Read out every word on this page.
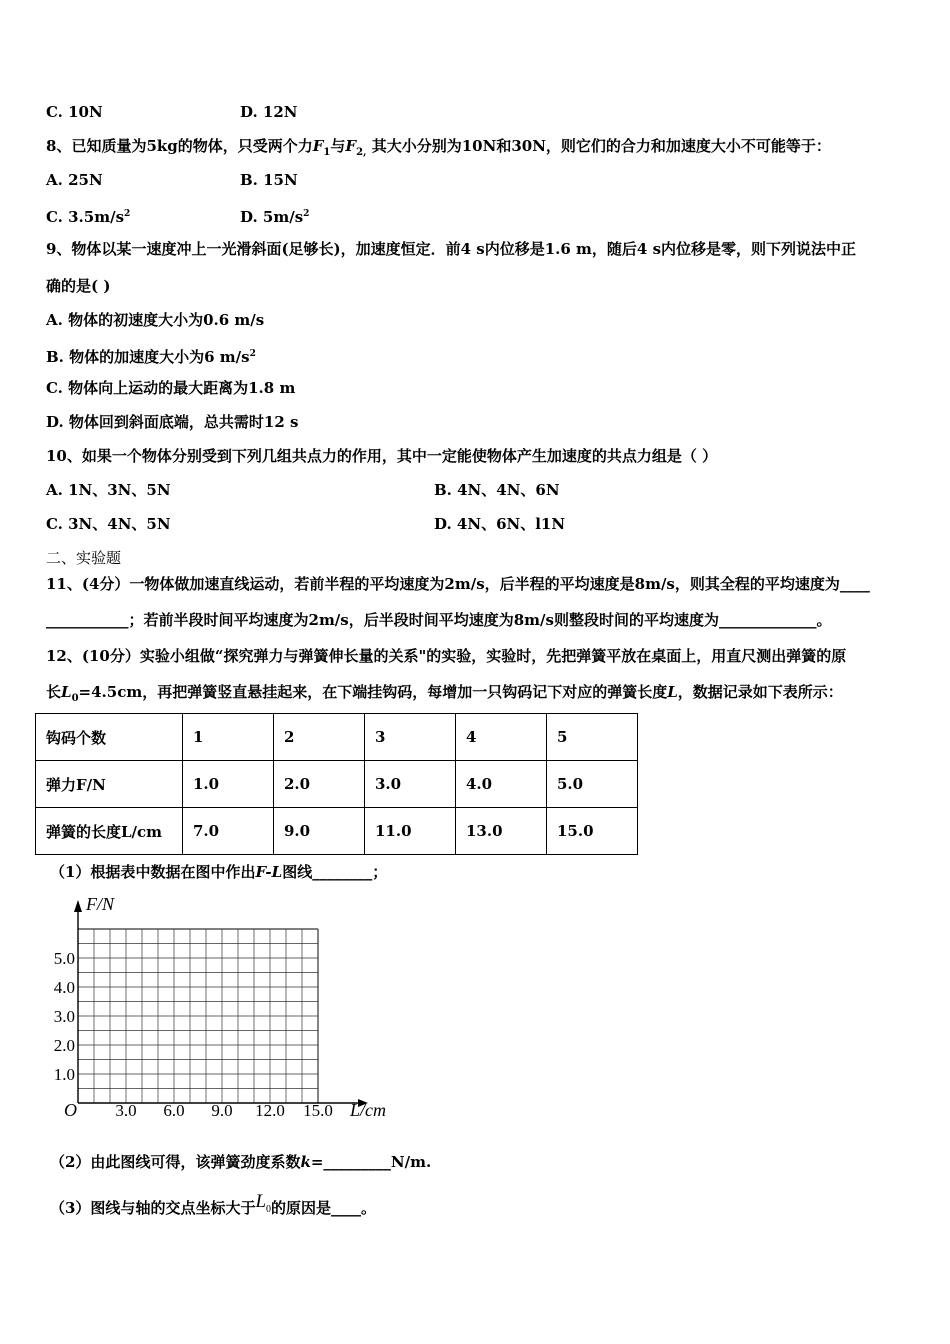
C. 10N	D. 12N
8、已知质量为5kg的物体，只受两个力$F_1$与$F_{2,}$ 其大小分别为10N和30N，则它们的合力和加速度大小不可能等于：
A. 25N	B. 15N
C. $3.5m/s^2$	D. $5m/s^2$
9、物体以某一速度冲上一光滑斜面(足够长)，加速度恒定．前4 s内位移是1.6 m，随后4 s内位移是零，则下列说法中正
确的是( )
A. 物体的初速度大小为0.6 m/s
B. 物体的加速度大小为6 $m/s^2$
C. 物体向上运动的最大距离为1.8 m
D. 物体回到斜面底端，总共需时12 s
10、如果一个物体分别受到下列几组共点力的作用，其中一定能使物体产生加速度的共点力组是（ ）
A. 1N、3N、5N	B. 4N、4N、6N
C. 3N、4N、5N	D. 4N、6N、l1N
二、实验题
11、(4分）一物体做加速直线运动，若前半程的平均速度为2m/s，后半程的平均速度是8m/s，则其全程的平均速度为____
___________；若前半段时间平均速度为2m/s，后半段时间平均速度为8m/s则整段时间的平均速度为_____________。
12、(10分）实验小组做“探究弹力与弹簧伸长量的关系"的实验，实验时，先把弹簧平放在桌面上，用直尺测出弹簧的原
长$L_0=4.5cm$，再把弹簧竖直悬挂起来，在下端挂钩码，每增加一只钩码记下对应的弹簧长度L，数据记录如下表所示：
钩码个数	1	2	3	4	5
弹力F/N	1.0	2.0	3.0	4.0	5.0
弹簧的长度L/cm	7.0	9.0	11.0	13.0	15.0
（1）根据表中数据在图中作出F-L图线________；
3.0 6.0 9.0 12.0 15.0
1.0
2.0
3.0
4.0
5.0
F/N
L/cm
O
（2）由此图线可得，该弹簧劲度系数k=_________N/m.
（3）图线与轴的交点坐标大于$L_0$的原因是____。
